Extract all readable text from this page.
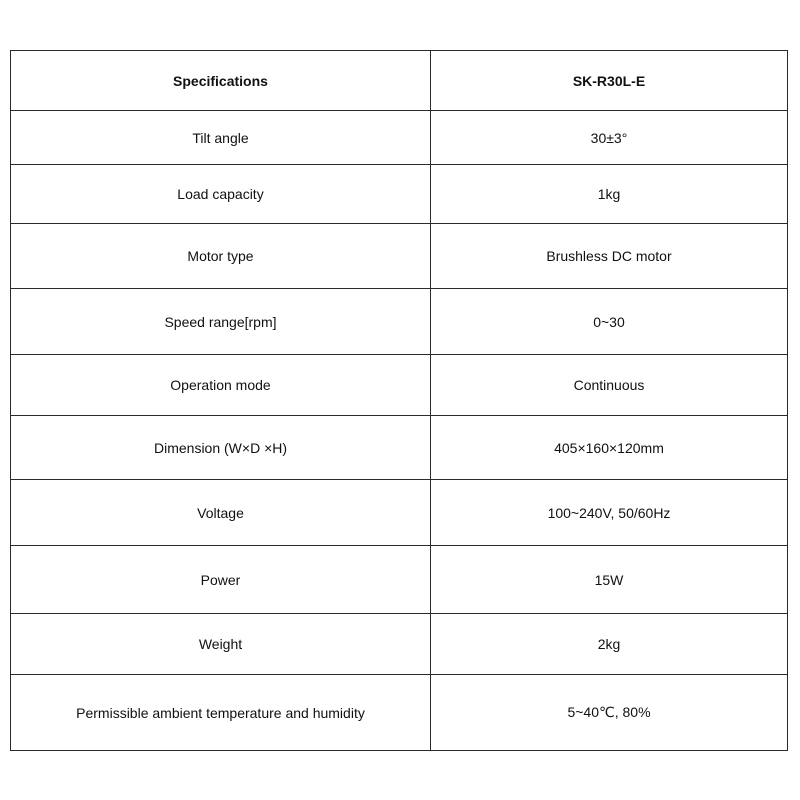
Specifications	SK-R30L-E
Tilt angle	30±3°
Load capacity	1kg
Motor type	Brushless DC motor
Speed range[rpm]	0~30
Operation mode	Continuous
Dimension (W×D ×H)	405×160×120mm
Voltage	100~240V, 50/60Hz
Power	15W
Weight	2kg
Permissible ambient temperature and humidity	5~40℃, 80%
